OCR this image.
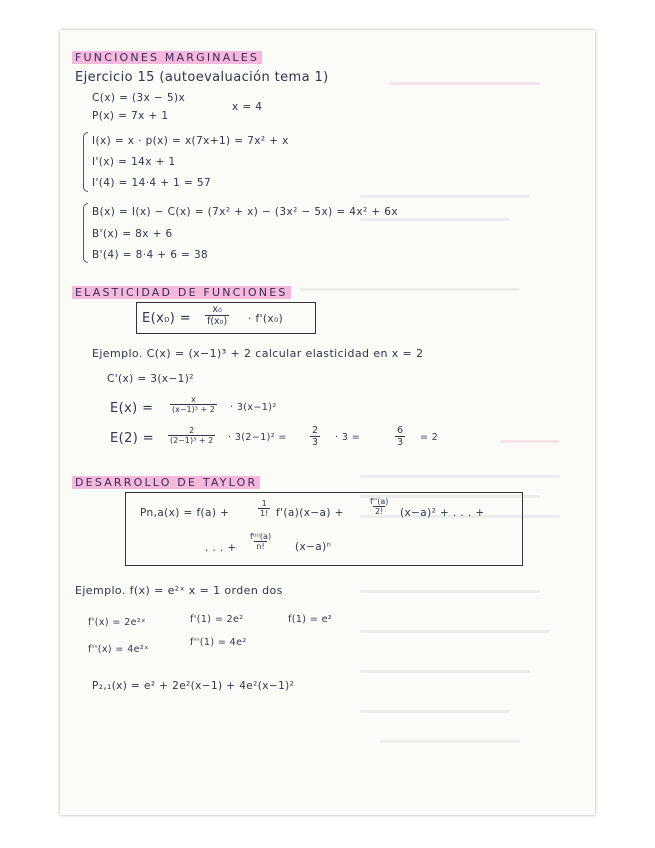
FUNCIONES MARGINALES
Ejercicio 15 (autoevaluación tema 1)
C(x) = (3x − 5)x
P(x) = 7x + 1
x = 4
I(x) = x · p(x) = x(7x+1) = 7x² + x
I'(x) = 14x + 1
I'(4) = 14·4 + 1 = 57
B(x) = I(x) − C(x) = (7x² + x) − (3x² − 5x) = 4x² + 6x
B'(x) = 8x + 6
B'(4) = 8·4 + 6 = 38
ELASTICIDAD DE FUNCIONES
$E(x_0) = \frac{\text{x₀}}{\text{f(x₀)}} \cdot f'(x_0)$
Ejemplo. C(x) = (x−1)³ + 2 calcular elasticidad en x = 2
C'(x) = 3(x−1)²
$E(x) = \frac{x}{\text{(x−1)³ + 2}} \cdot 3(x-1)^2$
$E(2) = \frac{2}{\text{(2−1)³ + 2}} \cdot 3(2-1)^2 = \frac{2}{3} \cdot 3$ =	$\frac{6}{3} = 2$
DESARROLLO DE TAYLOR
Pn,a(x) = f(a) +	$\frac{1}{1!} f'(a)(x-a)$ +	$\frac{f''(a)}{2!} (x-a)^2$ + . . . +
. . . + $\frac{\text{f⁽ⁿ⁾(a)}}{n!} (x-a)^n$
Ejemplo. f(x) = e²ˣ x = 1 orden dos
f'(x) = 2e²ˣ	f'(1) = 2e²	f(1) = e²
f''(x) = 4e²ˣ
f''(1) = 4e²
P₂,₁(x) = e² + 2e²(x−1) + 4e²(x−1)²
